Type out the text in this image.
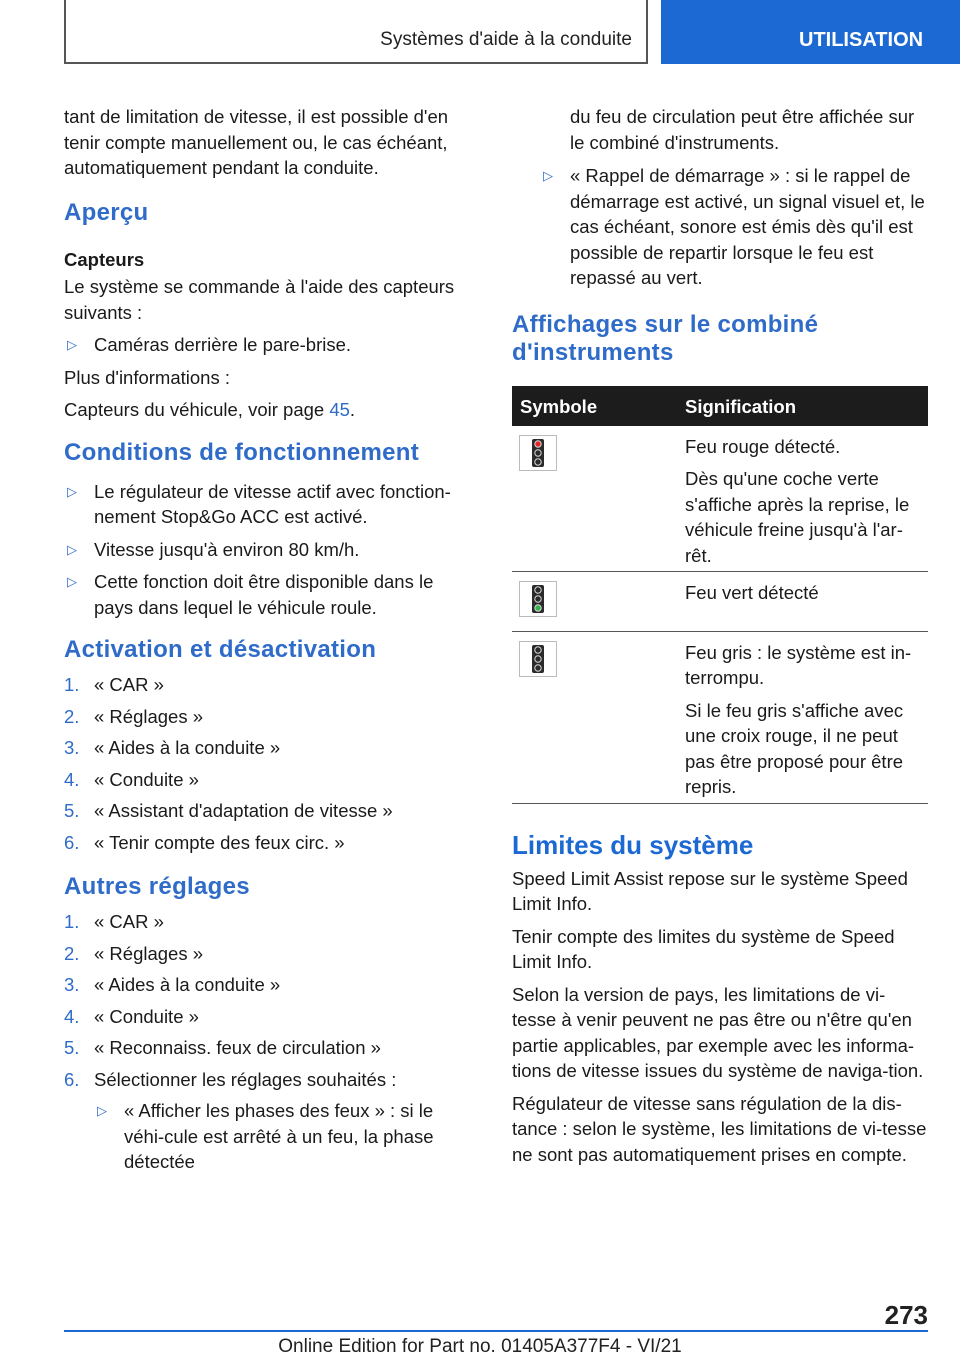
Systèmes d'aide à la conduite	UTILISATION

tant de limitation de vitesse, il est possible d'en tenir compte manuellement ou, le cas échéant, automatiquement pendant la conduite.

Aperçu
Capteurs

Le système se commande à l'aide des capteurs suivants :

▷ Caméras derrière le pare-brise.

Plus d'informations :

Capteurs du véhicule, voir page 45.

Conditions de fonctionnement
▷ Le régulateur de vitesse actif avec fonction-nement Stop&Go ACC est activé.
▷ Vitesse jusqu'à environ 80 km/h.
▷ Cette fonction doit être disponible dans le pays dans lequel le véhicule roule.
Activation et désactivation
1. « CAR »
2. « Réglages »
3. « Aides à la conduite »
4. « Conduite »
5. « Assistant d'adaptation de vitesse »
6. « Tenir compte des feux circ. »
Autres réglages
1. « CAR »
2. « Réglages »
3. « Aides à la conduite »
4. « Conduite »
5. « Reconnaiss. feux de circulation »
6. Sélectionner les réglages souhaités :
▷ « Afficher les phases des feux » : si le véhi-cule est arrêté à un feu, la phase détectée

du feu de circulation peut être affichée sur le combiné d'instruments.

▷ « Rappel de démarrage » : si le rappel de démarrage est activé, un signal visuel et, le cas échéant, sonore est émis dès qu'il est possible de repartir lorsque le feu est repassé au vert.
Affichages sur le combiné d'instruments
Symbole	Signification

Feu rouge détecté.

Dès qu'une coche verte s'affiche après la reprise, le véhicule freine jusqu'à l'ar-rêt.

Feu vert détecté

Feu gris : le système est in-terrompu.

Si le feu gris s'affiche avec une croix rouge, il ne peut pas être proposé pour être repris.

Limites du système

Speed Limit Assist repose sur le système Speed Limit Info.

Tenir compte des limites du système de Speed Limit Info.

Selon la version de pays, les limitations de vi-tesse à venir peuvent ne pas être ou n'être qu'en partie applicables, par exemple avec les informa-tions de vitesse issues du système de naviga-tion.

Régulateur de vitesse sans régulation de la dis-tance : selon le système, les limitations de vi-tesse ne sont pas automatiquement prises en compte.

273
Online Edition for Part no. 01405A377F4 - VI/21
